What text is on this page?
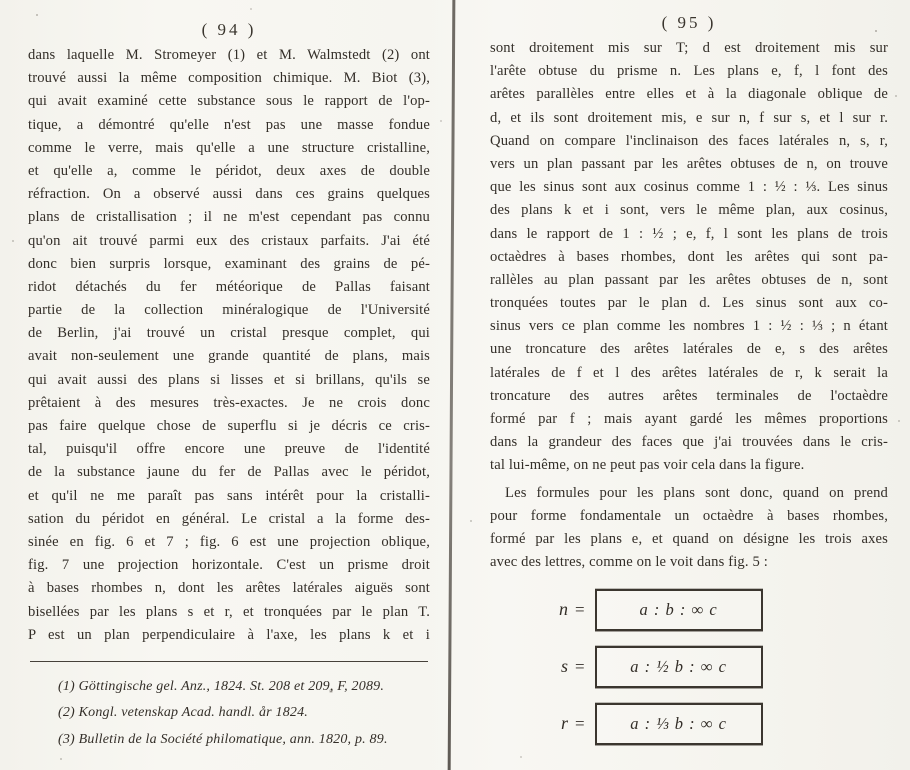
( 94 )
dans laquelle M. Stromeyer (1) et M. Walmstedt (2) ont
trouvé aussi la même composition chimique. M. Biot (3),
qui avait examiné cette substance sous le rapport de l'op-
tique, a démontré qu'elle n'est pas une masse fondue
comme le verre, mais qu'elle a une structure cristalline,
et qu'elle a, comme le péridot, deux axes de double
réfraction. On a observé aussi dans ces grains quelques
plans de cristallisation ; il ne m'est cependant pas connu
qu'on ait trouvé parmi eux des cristaux parfaits. J'ai été
donc bien surpris lorsque, examinant des grains de pé-
ridot détachés du fer météorique de Pallas faisant
partie de la collection minéralogique de l'Université
de Berlin, j'ai trouvé un cristal presque complet, qui
avait non-seulement une grande quantité de plans, mais
qui avait aussi des plans si lisses et si brillans, qu'ils se
prêtaient à des mesures très-exactes. Je ne crois donc
pas faire quelque chose de superflu si je décris ce cris-
tal, puisqu'il offre encore une preuve de l'identité
de la substance jaune du fer de Pallas avec le péridot,
et qu'il ne me paraît pas sans intérêt pour la cristalli-
sation du péridot en général. Le cristal a la forme des-
sinée en fig. 6 et 7 ; fig. 6 est une projection oblique,
fig. 7 une projection horizontale. C'est un prisme droit
à bases rhombes n, dont les arêtes latérales aiguës sont
bisellées par les plans s et r, et tronquées par le plan T.
P est un plan perpendiculaire à l'axe, les plans k et i
(1) Göttingische gel. Anz., 1824. St. 208 et 209, F, 2089.
(2) Kongl. vetenskap Acad. handl. år 1824.
(3) Bulletin de la Société philomatique, ann. 1820, p. 89.
( 95 )
sont droitement mis sur T; d est droitement mis sur
l'arête obtuse du prisme n. Les plans e, f, l font des
arêtes parallèles entre elles et à la diagonale oblique de
d, et ils sont droitement mis, e sur n, f sur s, et l sur r.
Quand on compare l'inclinaison des faces latérales n, s, r,
vers un plan passant par les arêtes obtuses de n, on trouve
que les sinus sont aux cosinus comme 1 : ½ : ⅓. Les sinus
des plans k et i sont, vers le même plan, aux cosinus,
dans le rapport de 1 : ½ ; e, f, l sont les plans de trois
octaèdres à bases rhombes, dont les arêtes qui sont pa-
rallèles au plan passant par les arêtes obtuses de n, sont
tronquées toutes par le plan d. Les sinus sont aux co-
sinus vers ce plan comme les nombres 1 : ½ : ⅓ ; n étant
une troncature des arêtes latérales de e, s des arêtes
latérales de f et l des arêtes latérales de r, k serait la
troncature des autres arêtes terminales de l'octaèdre
formé par f ; mais ayant gardé les mêmes proportions
dans la grandeur des faces que j'ai trouvées dans le cris-
tal lui-même, on ne peut pas voir cela dans la figure.
Les formules pour les plans sont donc, quand on prend
pour forme fondamentale un octaèdre à bases rhombes,
formé par les plans e, et quand on désigne les trois axes
avec des lettres, comme on le voit dans fig. 5 :
n =	a : b : ∞ c
s =	a : ½ b : ∞ c
r =	a : ⅓ b : ∞ c
